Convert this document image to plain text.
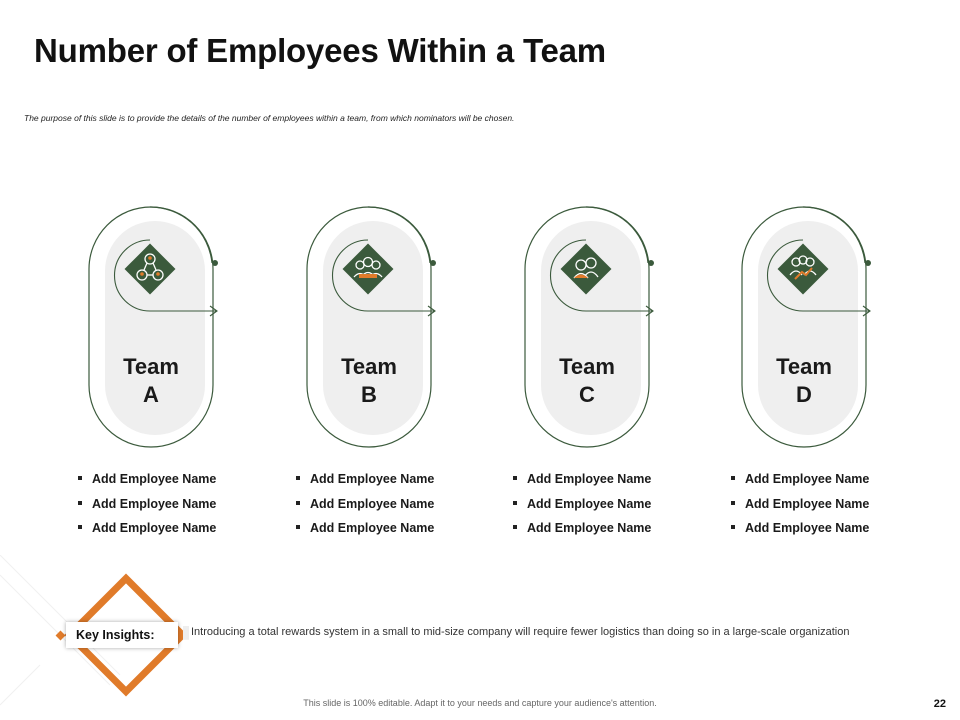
Number of Employees Within a Team

The purpose of this slide is to provide the details of the number of employees within a team, from which nominators will be chosen.

Team
A
Team
B
Team
C
Team
D
Add Employee Name
Add Employee Name
Add Employee Name
Add Employee Name
Add Employee Name
Add Employee Name
Add Employee Name
Add Employee Name
Add Employee Name
Add Employee Name
Add Employee Name
Add Employee Name
Key Insights:	Introducing a total rewards system in a small to mid-size company will require fewer logistics than doing so in a large-scale organization

This slide is 100% editable. Adapt it to your needs and capture your audience's attention.	22
